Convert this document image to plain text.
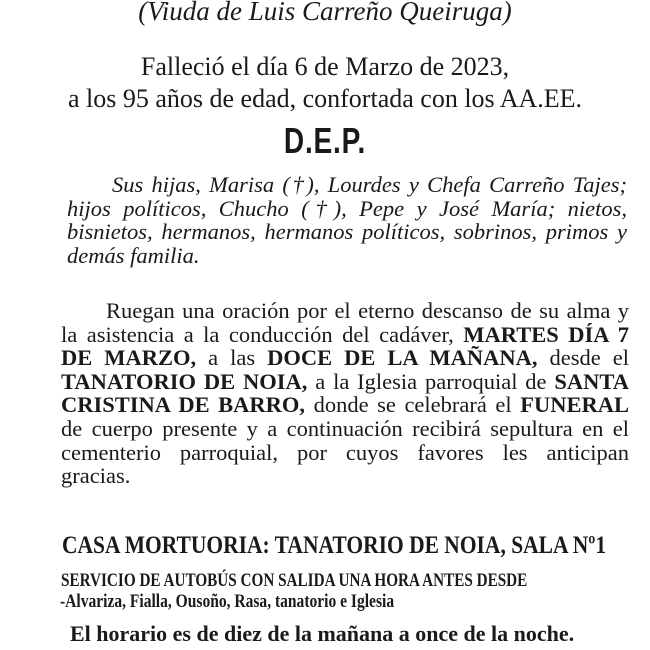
(Viuda de Luis Carreño Queiruga)
Falleció el día 6 de Marzo de 2023,
a los 95 años de edad, confortada con los AA.EE.
D.E.P.
Sus hijas, Marisa (†), Lourdes y Chefa Carreño Tajes;
hijos políticos, Chucho (†), Pepe y José María; nietos,
bisnietos, hermanos, hermanos políticos, sobrinos, primos y
demás familia.
Ruegan una oración por el eterno descanso de su alma y
la asistencia a la conducción del cadáver, MARTES DÍA 7
DE MARZO, a las DOCE DE LA MAÑANA, desde el
TANATORIO DE NOIA, a la Iglesia parroquial de SANTA
CRISTINA DE BARRO, donde se celebrará el FUNERAL
de cuerpo presente y a continuación recibirá sepultura en el
cementerio parroquial, por cuyos favores les anticipan
gracias.
CASA MORTUORIA: TANATORIO DE NOIA, SALA Nº1
SERVICIO DE AUTOBÚS CON SALIDA UNA HORA ANTES DESDE
-Alvariza, Fialla, Ousoño, Rasa, tanatorio e Iglesia
El horario es de diez de la mañana a once de la noche.
